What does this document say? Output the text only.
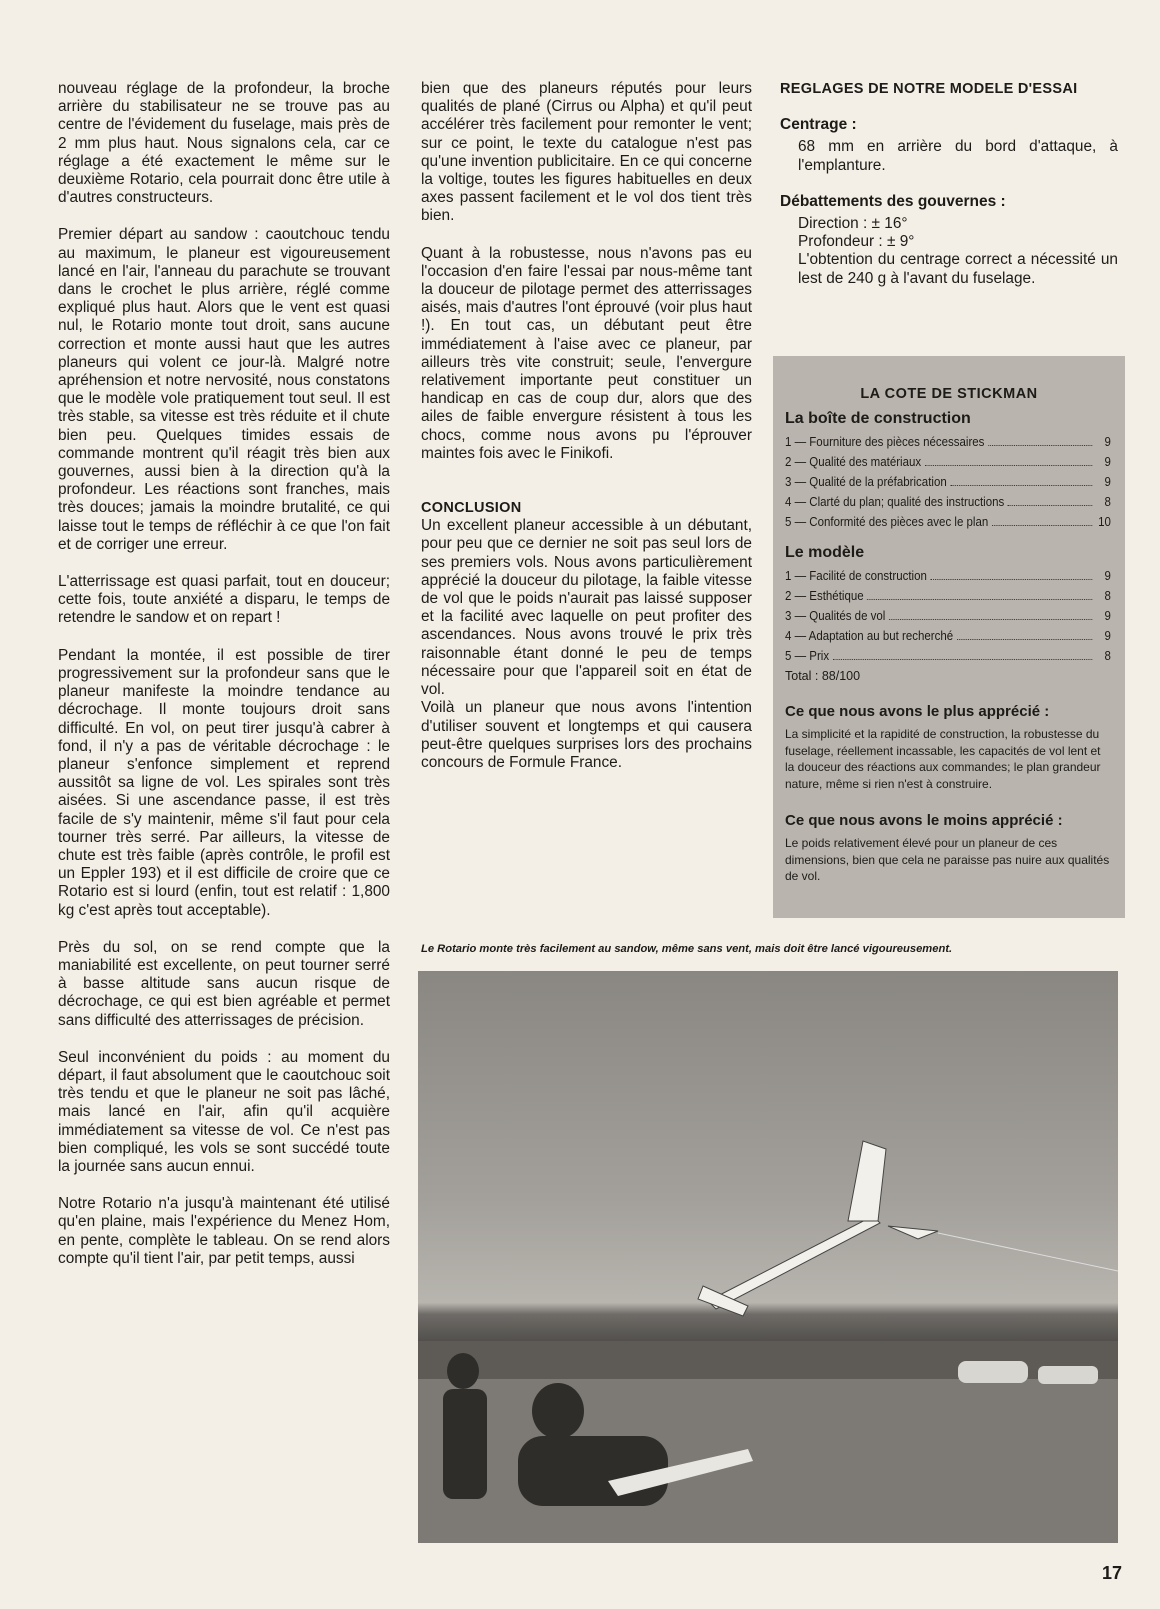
nouveau réglage de la profondeur, la broche arrière du stabilisateur ne se trouve pas au centre de l'évidement du fuselage, mais près de 2 mm plus haut. Nous signalons cela, car ce réglage a été exactement le même sur le deuxième Rotario, cela pourrait donc être utile à d'autres constructeurs.

Premier départ au sandow : caoutchouc tendu au maximum, le planeur est vigoureusement lancé en l'air, l'anneau du parachute se trouvant dans le crochet le plus arrière, réglé comme expliqué plus haut. Alors que le vent est quasi nul, le Rotario monte tout droit, sans aucune correction et monte aussi haut que les autres planeurs qui volent ce jour-là. Malgré notre apréhension et notre nervosité, nous constatons que le modèle vole pratiquement tout seul. Il est très stable, sa vitesse est très réduite et il chute bien peu. Quelques timides essais de commande montrent qu'il réagit très bien aux gouvernes, aussi bien à la direction qu'à la profondeur. Les réactions sont franches, mais très douces; jamais la moindre brutalité, ce qui laisse tout le temps de réfléchir à ce que l'on fait et de corriger une erreur.

L'atterrissage est quasi parfait, tout en douceur; cette fois, toute anxiété a disparu, le temps de retendre le sandow et on repart !

Pendant la montée, il est possible de tirer progressivement sur la profondeur sans que le planeur manifeste la moindre tendance au décrochage. Il monte toujours droit sans difficulté. En vol, on peut tirer jusqu'à cabrer à fond, il n'y a pas de véritable décrochage : le planeur s'enfonce simplement et reprend aussitôt sa ligne de vol. Les spirales sont très aisées. Si une ascendance passe, il est très facile de s'y maintenir, même s'il faut pour cela tourner très serré. Par ailleurs, la vitesse de chute est très faible (après contrôle, le profil est un Eppler 193) et il est difficile de croire que ce Rotario est si lourd (enfin, tout est relatif : 1,800 kg c'est après tout acceptable).

Près du sol, on se rend compte que la maniabilité est excellente, on peut tourner serré à basse altitude sans aucun risque de décrochage, ce qui est bien agréable et permet sans difficulté des atterrissages de précision.

Seul inconvénient du poids : au moment du départ, il faut absolument que le caoutchouc soit très tendu et que le planeur ne soit pas lâché, mais lancé en l'air, afin qu'il acquière immédiatement sa vitesse de vol. Ce n'est pas bien compliqué, les vols se sont succédé toute la journée sans aucun ennui.

Notre Rotario n'a jusqu'à maintenant été utilisé qu'en plaine, mais l'expérience du Menez Hom, en pente, complète le tableau. On se rend alors compte qu'il tient l'air, par petit temps, aussi

bien que des planeurs réputés pour leurs qualités de plané (Cirrus ou Alpha) et qu'il peut accélérer très facilement pour remonter le vent; sur ce point, le texte du catalogue n'est pas qu'une invention publicitaire. En ce qui concerne la voltige, toutes les figures habituelles en deux axes passent facilement et le vol dos tient très bien.

Quant à la robustesse, nous n'avons pas eu l'occasion d'en faire l'essai par nous-même tant la douceur de pilotage permet des atterrissages aisés, mais d'autres l'ont éprouvé (voir plus haut !). En tout cas, un débutant peut être immédiatement à l'aise avec ce planeur, par ailleurs très vite construit; seule, l'envergure relativement importante peut constituer un handicap en cas de coup dur, alors que des ailes de faible envergure résistent à tous les chocs, comme nous avons pu l'éprouver maintes fois avec le Finikofi.

CONCLUSION

Un excellent planeur accessible à un débutant, pour peu que ce dernier ne soit pas seul lors de ses premiers vols. Nous avons particulièrement apprécié la douceur du pilotage, la faible vitesse de vol que le poids n'aurait pas laissé supposer et la facilité avec laquelle on peut profiter des ascendances. Nous avons trouvé le prix très raisonnable étant donné le peu de temps nécessaire pour que l'appareil soit en état de vol.

Voilà un planeur que nous avons l'intention d'utiliser souvent et longtemps et qui causera peut-être quelques surprises lors des prochains concours de Formule France.

REGLAGES DE NOTRE MODELE D'ESSAI

Centrage :

68 mm en arrière du bord d'attaque, à l'emplanture.

Débattements des gouvernes :
Direction : ± 16°
Profondeur : ± 9°

L'obtention du centrage correct a nécessité un lest de 240 g à l'avant du fuselage.

LA COTE DE STICKMAN
La boîte de construction
1 — Fourniture des pièces nécessaires	9
2 — Qualité des matériaux	9
3 — Qualité de la préfabrication	9
4 — Clarté du plan; qualité des instructions	8
5 — Conformité des pièces avec le plan	10
Le modèle
1 — Facilité de construction	9
2 — Esthétique	8
3 — Qualités de vol	9
4 — Adaptation au but recherché	9
5 — Prix	8
Total : 88/100
Ce que nous avons le plus apprécié :
La simplicité et la rapidité de construction, la robustesse du fuselage, réellement incassable, les capacités de vol lent et la douceur des réactions aux commandes; le plan grandeur nature, même si rien n'est à construire.
Ce que nous avons le moins apprécié :
Le poids relativement élevé pour un planeur de ces dimensions, bien que cela ne paraisse pas nuire aux qualités de vol.
Le Rotario monte très facilement au sandow, même sans vent, mais doit être lancé vigoureusement.
17
